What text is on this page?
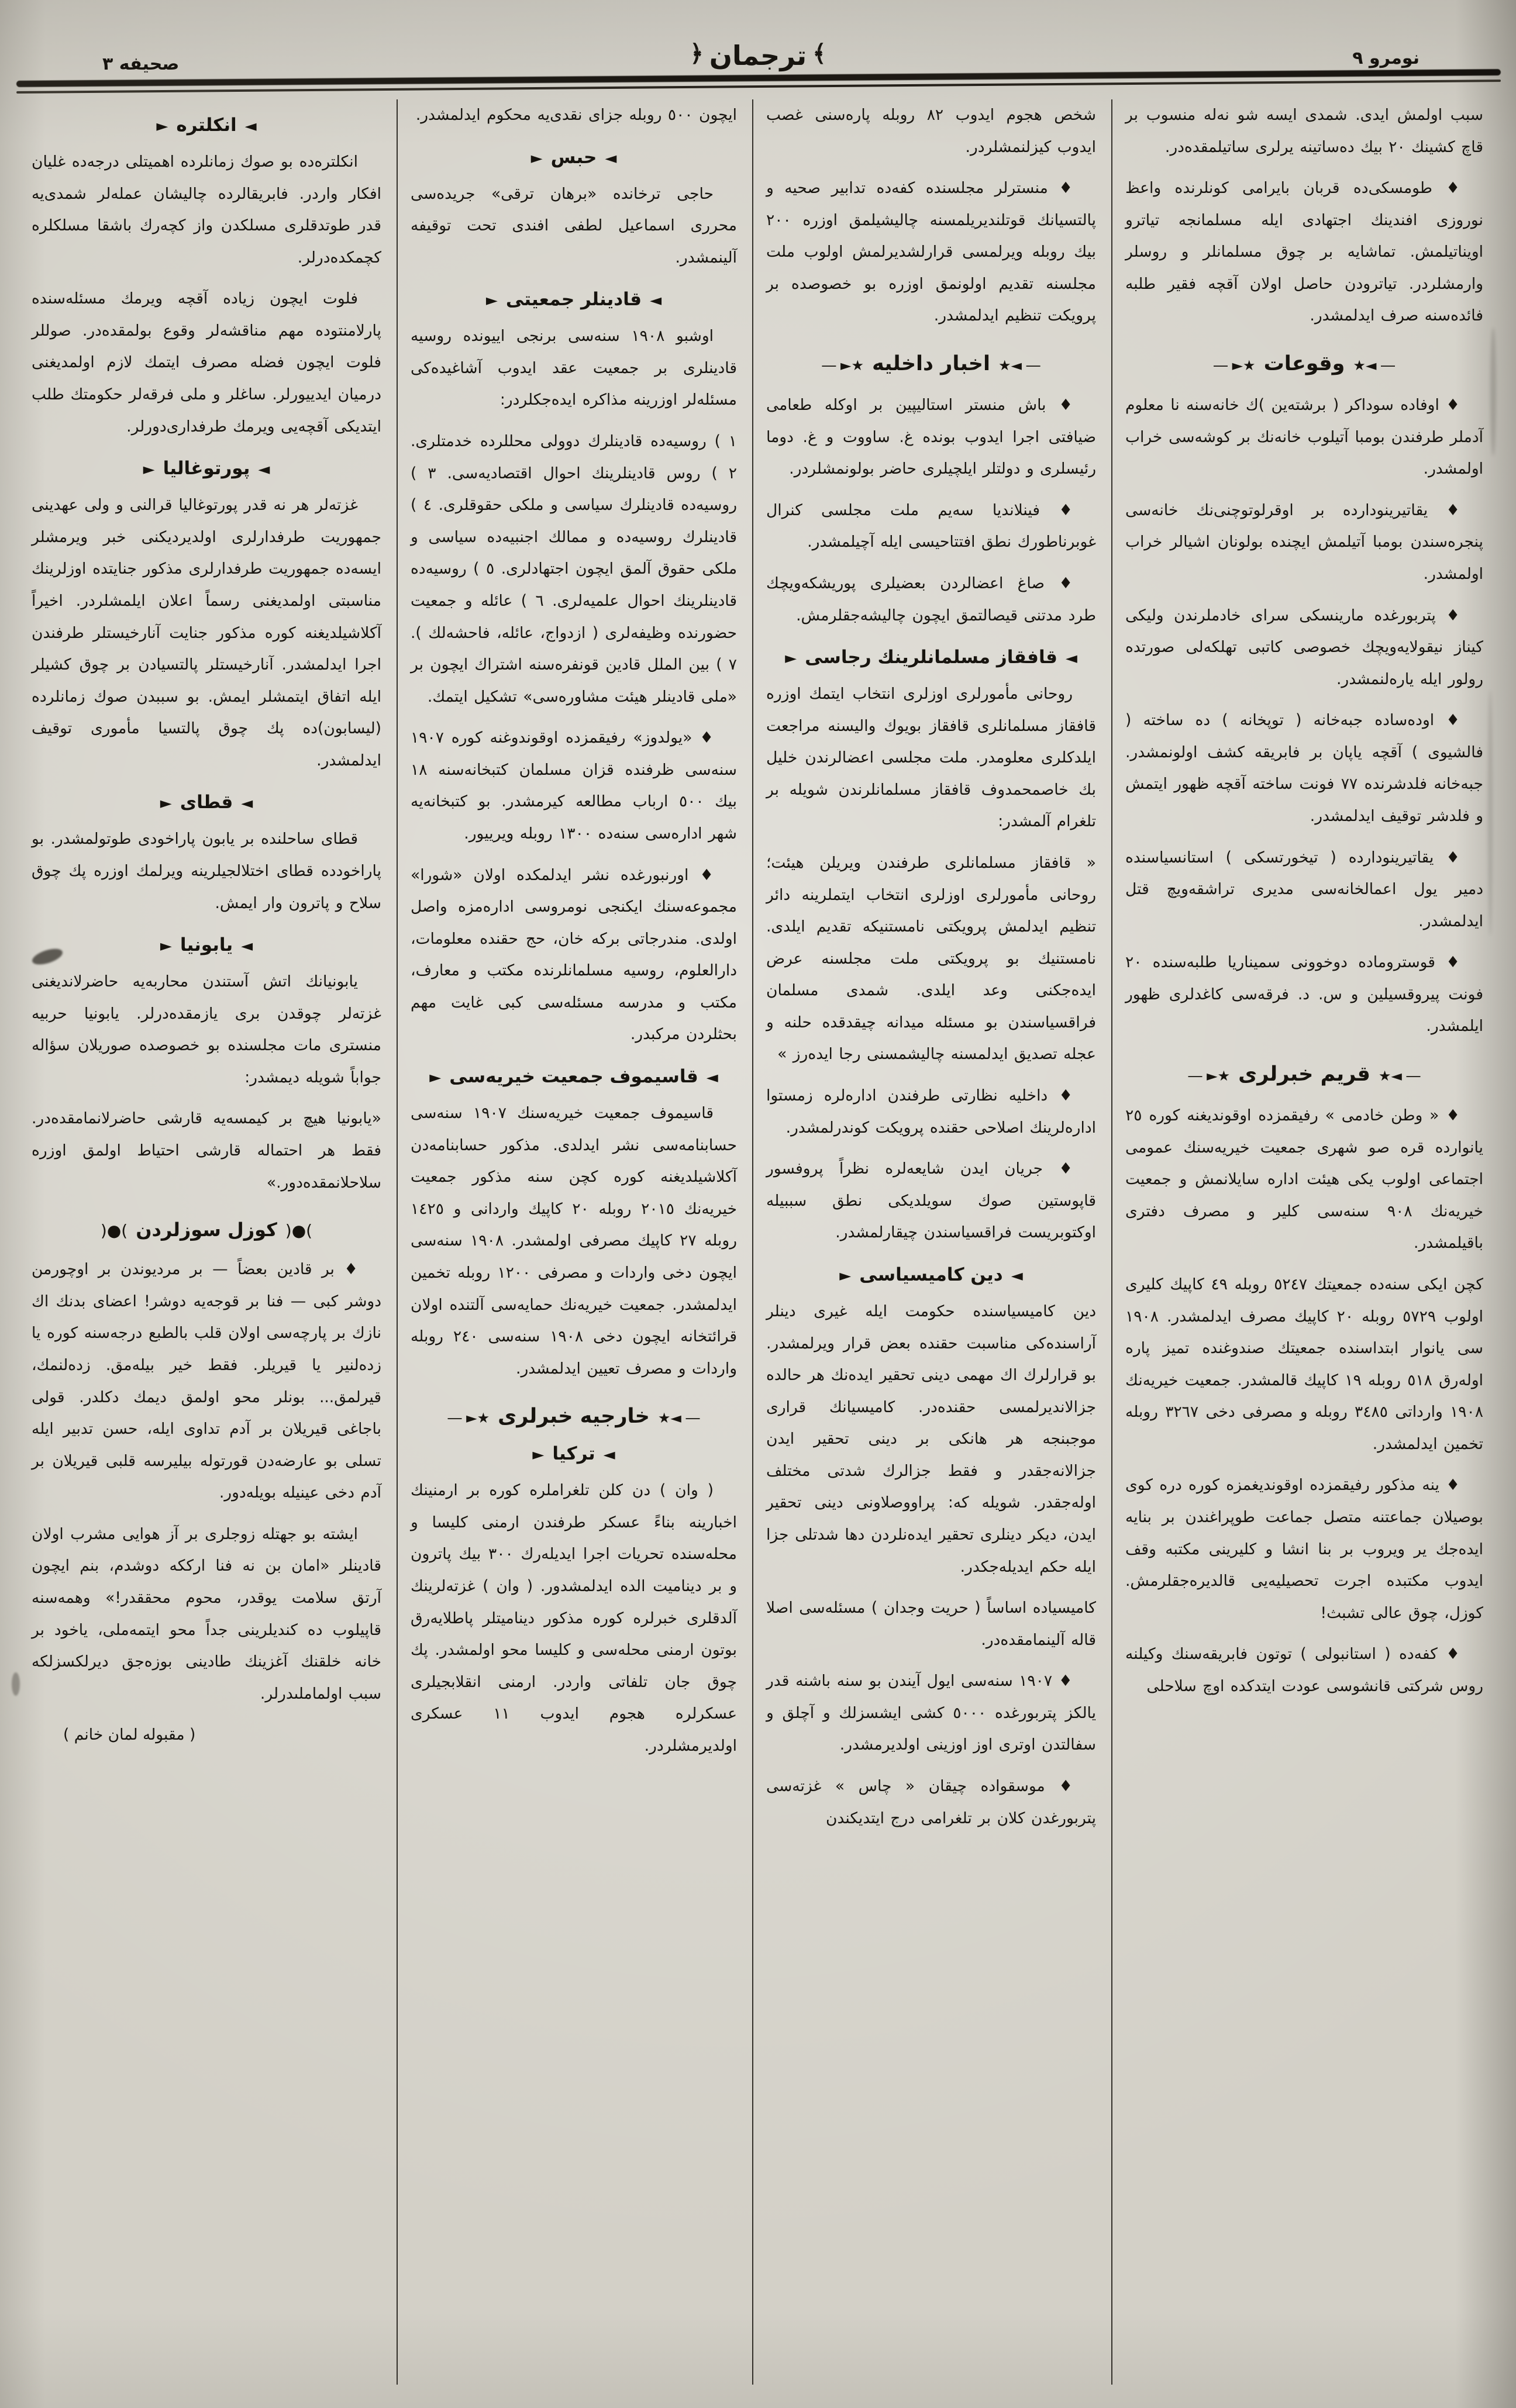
نومرو ٩
﴾ترجمان﴿
صحيفه ٣
◄انكلتره►
انكلتره‌ده بو صوك زمانلرده اهميتلى درجه‌ده غليان افكار واردر. فابريقالرده چاليشان عمله‌لر شمدى‌يه قدر طوتدقلرى مسلكدن واز كچه‌رك باشقا مسلكلره كچمكده‌درلر.
فلوت ايچون زياده آقچه ويرمك مسئله‌سنده پارلامنتوده مهم مناقشه‌لر وقوع بولمقده‌در. صوللر فلوت ايچون فضله مصرف ايتمك لازم اولمديغنى درميان ايدييورلر. ساغلر و ملى فرقه‌لر حكومتك طلب ايتديكى آقچه‌يى ويرمك طرفدارى‌دورلر.
◄پورتوغاليا►
غزته‌لر هر نه قدر پورتوغاليا قرالنى و ولى عهدينى جمهوريت طرفدارلرى اولديرديكنى خبر ويرمشلر ايسه‌ده جمهوريت طرفدارلرى مذكور جنايتده اوزلرينك مناسبتى اولمديغنى رسماً اعلان ايلمشلردر. اخيراً آكلاشيلديغنه كوره مذكور جنايت آنارخيستلر طرفندن اجرا ايدلمشدر. آنارخيستلر پالتسيادن بر چوق كشيلر ايله اتفاق ايتمشلر ايمش. بو سببدن صوك زمانلرده (ليسابون)ده پك چوق پالتسيا مأمورى توقيف ايدلمشدر.
◄قطاى►
قطاى ساحلنده بر يابون پاراخودى طوتولمشدر. بو پاراخودده قطاى اختلالجيلرينه ويرلمك اوزره پك چوق سلاح و پاترون وار ايمش.
◄يابونيا►
يابونيانك اتش آستندن محاربه‌يه حاضرلانديغنى غزته‌لر چوقدن برى يازمقده‌درلر. يابونيا حربيه منسترى مات مجلسنده بو خصوصده صوريلان سؤاله جواباً شويله ديمشدر:
«يابونيا هيچ بر كيمسه‌يه قارشى حاضرلانمامقده‌در. فقط هر احتماله قارشى احتياط اولمق اوزره سلاحلانمقده‌دور.»
)●(كوزل سوزلردن)●(
♦ بر قادين بعضاً — بر مرديوندن بر اوچورمن دوشر كبى — فنا بر قوجه‌يه دوشر! اعضاى بدنك اك نازك بر پارچه‌سى اولان قلب بالطبع درجه‌سنه كوره يا زده‌لنير يا قيريلر. فقط خير بيله‌مق. زده‌لنمك، قيرلمق... بونلر محو اولمق ديمك دكلدر. قولى باجاغى قيريلان بر آدم تداوى ايله، حسن تدبير ايله تسلى بو عارضه‌دن قورتوله بيليرسه قلبى قيريلان بر آدم دخى عينيله بويله‌دور.
ايشته بو جهتله زوجلرى بر آز هوايى مشرب اولان قادينلر «امان بن نه فنا ارككه دوشدم، بنم ايچون آرتق سلامت يوقدر، محوم محققدر!» وهمه‌سنه قاپيلوب ده كنديلرينى جداً محو ايتمه‌ملى، ياخود بر خانه خلقنك آغزينك طادينى بوزه‌جق ديرلكسزلكه سبب اولماملىدرلر.
( مقبوله لمان خانم )
ايچون ٥٠٠ روبله جزاى نقدى‌يه محكوم ايدلمشدر.
◄حبس►
حاجى ترخانده «برهان ترقى» جريده‌سى محررى اسماعيل لطفى افندى تحت توقيفه آلينمشدر.
◄قادينلر جمعيتى►
اوشبو ١٩٠٨ سنه‌سى برنجى اييونده روسيه قادينلرى بر جمعيت عقد ايدوب آشاغيده‌كى مسئله‌لر اوزرينه مذاكره ايده‌جكلردر:
١ ) روسيه‌ده قادينلرك دوولى محللرده خدمتلرى. ٢ ) روس قادينلرينك احوال اقتصاديه‌سى. ٣ ) روسيه‌ده قادينلرك سياسى و ملكى حقوقلرى. ٤ ) قادينلرك روسيه‌ده و ممالك اجنبيه‌ده سياسى و ملكى حقوق آلمق ايچون اجتهادلرى. ٥ ) روسيه‌ده قادينلرينك احوال علميه‌لرى. ٦ ) عائله و جمعيت حضورنده وظيفه‌لرى ( ازدواج، عائله، فاحشه‌لك ). ٧ ) بين الملل قادين قونفره‌سنه اشتراك ايچون بر «ملى قادينلر هيئت مشاوره‌سى» تشكيل ايتمك.
♦ «يولدوز» رفيقمزده اوقوندوغنه كوره ١٩٠٧ سنه‌سى ظرفنده قزان مسلمان كتبخانه‌سنه ١٨ بيك ٥٠٠ ارباب مطالعه كيرمشدر. بو كتبخانه‌يه شهر اداره‌سى سنه‌ده ١٣٠٠ روبله ويرييور.
♦ اورنبورغده نشر ايدلمكده اولان «شورا» مجموعه‌سنك ايكنجى نومروسى اداره‌مزه واصل اولدى. مندرجاتى بركه خان، حج حقنده معلومات، دارالعلوم، روسيه مسلمانلرنده مكتب و معارف، مكتب و مدرسه مسئله‌سى كبى غايت مهم بحثلردن مركبدر.
◄قاسيموف جمعيت خيريه‌سى►
قاسيموف جمعيت خيريه‌سنك ١٩٠٧ سنه‌سى حسابنامه‌سى نشر ايدلدى. مذكور حسابنامه‌دن آكلاشيلديغنه كوره كچن سنه مذكور جمعيت خيريه‌نك ٢٠١٥ روبله ٢٠ كاپيك واردانى و ١٤٢٥ روبله ٢٧ كاپيك مصرفى اولمشدر. ١٩٠٨ سنه‌سى ايچون دخى واردات و مصرفى ١٢٠٠ روبله تخمين ايدلمشدر. جمعيت خيريه‌نك حمايه‌سى آلتنده اولان قرائتخانه ايچون دخى ١٩٠٨ سنه‌سى ٢٤٠ روبله واردات و مصرف تعيين ايدلمشدر.
― ◄★خارجيه خبرلرى★► ―
◄تركيا►
( وان ) دن كلن تلغراملره كوره بر ارمنينك اخبارينه بناءً عسكر طرفندن ارمنى كليسا و محله‌سنده تحريات اجرا ايديله‌رك ٣٠٠ بيك پاترون و بر ديناميت الده ايدلمشدور. ( وان ) غزته‌لرينك آلدقلرى خبرلره كوره مذكور ديناميتلر پاطلايه‌رق بوتون ارمنى محله‌سى و كليسا محو اولمشدر. پك چوق جان تلفاتى واردر. ارمنى انقلابجيلرى عسكرلره هجوم ايدوب ١١ عسكرى اولديرمشلردر.
شخص هجوم ايدوب ٨٢ روبله پاره‌سنى غصب ايدوب كيزلنمشلردر.
♦ منسترلر مجلسنده كفه‌ده تدابير صحيه و پالتسيانك قوتلنديريلمسنه چاليشيلمق اوزره ٢٠٠ بيك روبله ويرلمسى قرارلشديرلمش اولوب ملت مجلسنه تقديم اولونمق اوزره بو خصوصده بر پرويكت تنظيم ايدلمشدر.
― ◄★اخبار داخليه★► ―
♦ باش منستر استاليپين بر اوكله طعامى ضيافتى اجرا ايدوب بونده غ. ساووت و غ. دوما رئيسلرى و دولتلر ايلچيلرى حاضر بولونمشلردر.
♦ فينلانديا سەيم ملت مجلسى كنرال غوبرناطورك نطق افتتاحيسى ايله آچيلمشدر.
♦ صاغ اعضالردن بعضيلرى پوريشكەويچك طرد مدتنى قيصالتمق ايچون چاليشه‌جقلرمش.
◄قافقاز مسلمانلرينك رجاسى►
روحانى مأمورلرى اوزلرى انتخاب ايتمك اوزره قافقاز مسلمانلرى قافقاز بويوك واليسنه مراجعت ايلدكلرى معلومدر. ملت مجلسى اعضالرندن خليل بك خاصمحمدوف قافقاز مسلمانلرندن شويله بر تلغرام آلمشدر:
« قافقاز مسلمانلرى طرفندن ويريلن هيئت؛ روحانى مأمورلرى اوزلرى انتخاب ايتملرينه دائر تنظيم ايدلمش پرويكتى نامستنيكه تقديم ايلدى. نامستنيك بو پرويكتى ملت مجلسنه عرض ايده‌جكنى وعد ايلدى. شمدى مسلمان فراقسياسندن بو مسئله ميدانه چيقدقده حلنه و عجله تصديق ايدلمسنه چاليشمسنى رجا ايده‌رز »
♦ داخليه نظارتى طرفندن اداره‌لره زمستوا اداره‌لرينك اصلاحى حقنده پرويكت كوندرلمشدر.
♦ جريان ايدن شايعه‌لره نظراً پروفسور قاپوستين صوك سويلديكى نطق سببيله اوكتوبريست فراقسياسندن چيقارلمشدر.
◄دين كاميسياسى►
دين كاميسياسنده حكومت ايله غيرى دينلر آراسنده‌كى مناسبت حقنده بعض قرار ويرلمشدر. بو قرارلرك اك مهمى دينى تحقير ايده‌نك هر حالده جزالانديرلمسى حقنده‌در. كاميسيانك قرارى موجبنجه هر هانكى بر دينى تحقير ايدن جزالانه‌جقدر و فقط جزالرك شدتى مختلف اوله‌جقدر. شويله كه: پراووصلاونى دينى تحقير ايدن، ديكر دينلرى تحقير ايده‌نلردن دها شدتلى جزا ايله حكم ايديله‌جكدر.
كاميسياده اساساً ( حريت وجدان ) مسئله‌سى اصلا قاله آلينمامقده‌در.
♦ ١٩٠٧ سنه‌سى ايول آيندن بو سنه باشنه قدر يالكز پتربورغده ٥٠٠٠ كشى ايشسزلك و آچلق و سفالتدن اوترى اوز اوزينى اولديرمشدر.
♦ موسقواده چيقان « چاس » غزته‌سى پتربورغدن كلان بر تلغرامى درج ايتديكندن
سبب اولمش ايدى. شمدى ايسه شو نه‌له منسوب بر قاچ كشينك ٢٠ بيك ده‌ساتينه يرلرى ساتيلمقده‌در.
♦ طومسكى‌ده قربان بايرامى كونلرنده واعظ نوروزى افندينك اجتهادى ايله مسلمانجه تياترو اويناتيلمش. تماشايه بر چوق مسلمانلر و روسلر وارمشلردر. تياترودن حاصل اولان آقچه فقير طلبه فائده‌سنه صرف ايدلمشدر.
― ◄★وقوعات★► ―
♦ اوفاده سوداكر ( برشتەين )ك خانه‌سنه نا معلوم آدملر طرفندن بومبا آتيلوب خانه‌نك بر كوشه‌سى خراب اولمشدر.
♦ يقاتيرينودارده بر اوقرلوتوچنى‌نك خانه‌سى پنجره‌سندن بومبا آتيلمش ايچنده بولونان اشيالر خراب اولمشدر.
♦ پتربورغده مارينسكى سراى خادملرندن وليكى كيناز نيقولايەويچك خصوصى كاتبى تهلكه‌لى صورتده رولور ايله ياره‌لنمشدر.
♦ اوده‌ساده جبه‌خانه ( توپخانه ) ده ساخته ( فالشيوى ) آقچه ياپان بر فابريقه كشف اولونمشدر. جبه‌خانه فلدشرنده ٧٧ فونت ساخته آقچه ظهور ايتمش و فلدشر توقيف ايدلمشدر.
♦ يقاتيرينودارده ( تيخورتسكى ) استانسياسنده دمير يول اعمالخانه‌سى مديرى تراشقەويچ قتل ايدلمشدر.
♦ قوستروماده دوخوونى سميناريا طلبه‌سنده ٢٠ فونت پيروقسيلين و س. د. فرقه‌سى كاغدلرى ظهور ايلمشدر.
― ◄★قريم خبرلرى★► ―
♦ « وطن خادمى » رفيقمزده اوقونديغنه كوره ٢٥ يانوارده قره صو شهرى جمعيت خيريه‌سنك عمومى اجتماعى اولوب يكى هيئت اداره سايلانمش و جمعيت خيريه‌نك ٩٠٨ سنه‌سى كلير و مصرف دفترى باقيلمشدر.
كچن ايكى سنه‌ده جمعيتك ٥٢٤٧ روبله ٤٩ كاپيك كليرى اولوب ٥٧٢٩ روبله ٢٠ كاپيك مصرف ايدلمشدر. ١٩٠٨ سى يانوار ابتداسنده جمعيتك صندوغنده تميز پاره اوله‌رق ٥١٨ روبله ١٩ كاپيك قالمشدر. جمعيت خيريه‌نك ١٩٠٨ وارداتى ٣٤٨٥ روبله و مصرفى دخى ٣٢٦٧ روبله تخمين ايدلمشدر.
♦ ينه مذكور رفيقمزده اوقونديغمزه كوره دره كوى بوصيلان جماعتنه متصل جماعت طوپراغندن بر بنايه ايده‌جك ير ويروب بر بنا انشا و كليرينى مكتبه وقف ايدوب مكتبده اجرت تحصيليه‌يى قالديره‌جقلرمش. كوزل، چوق عالى تشبث!
♦ كفه‌ده ( استانبولى ) توتون فابريقەسنك وكيلنه روس شركتى قانشوسى عودت ايتدكده اوچ سلاحلى
